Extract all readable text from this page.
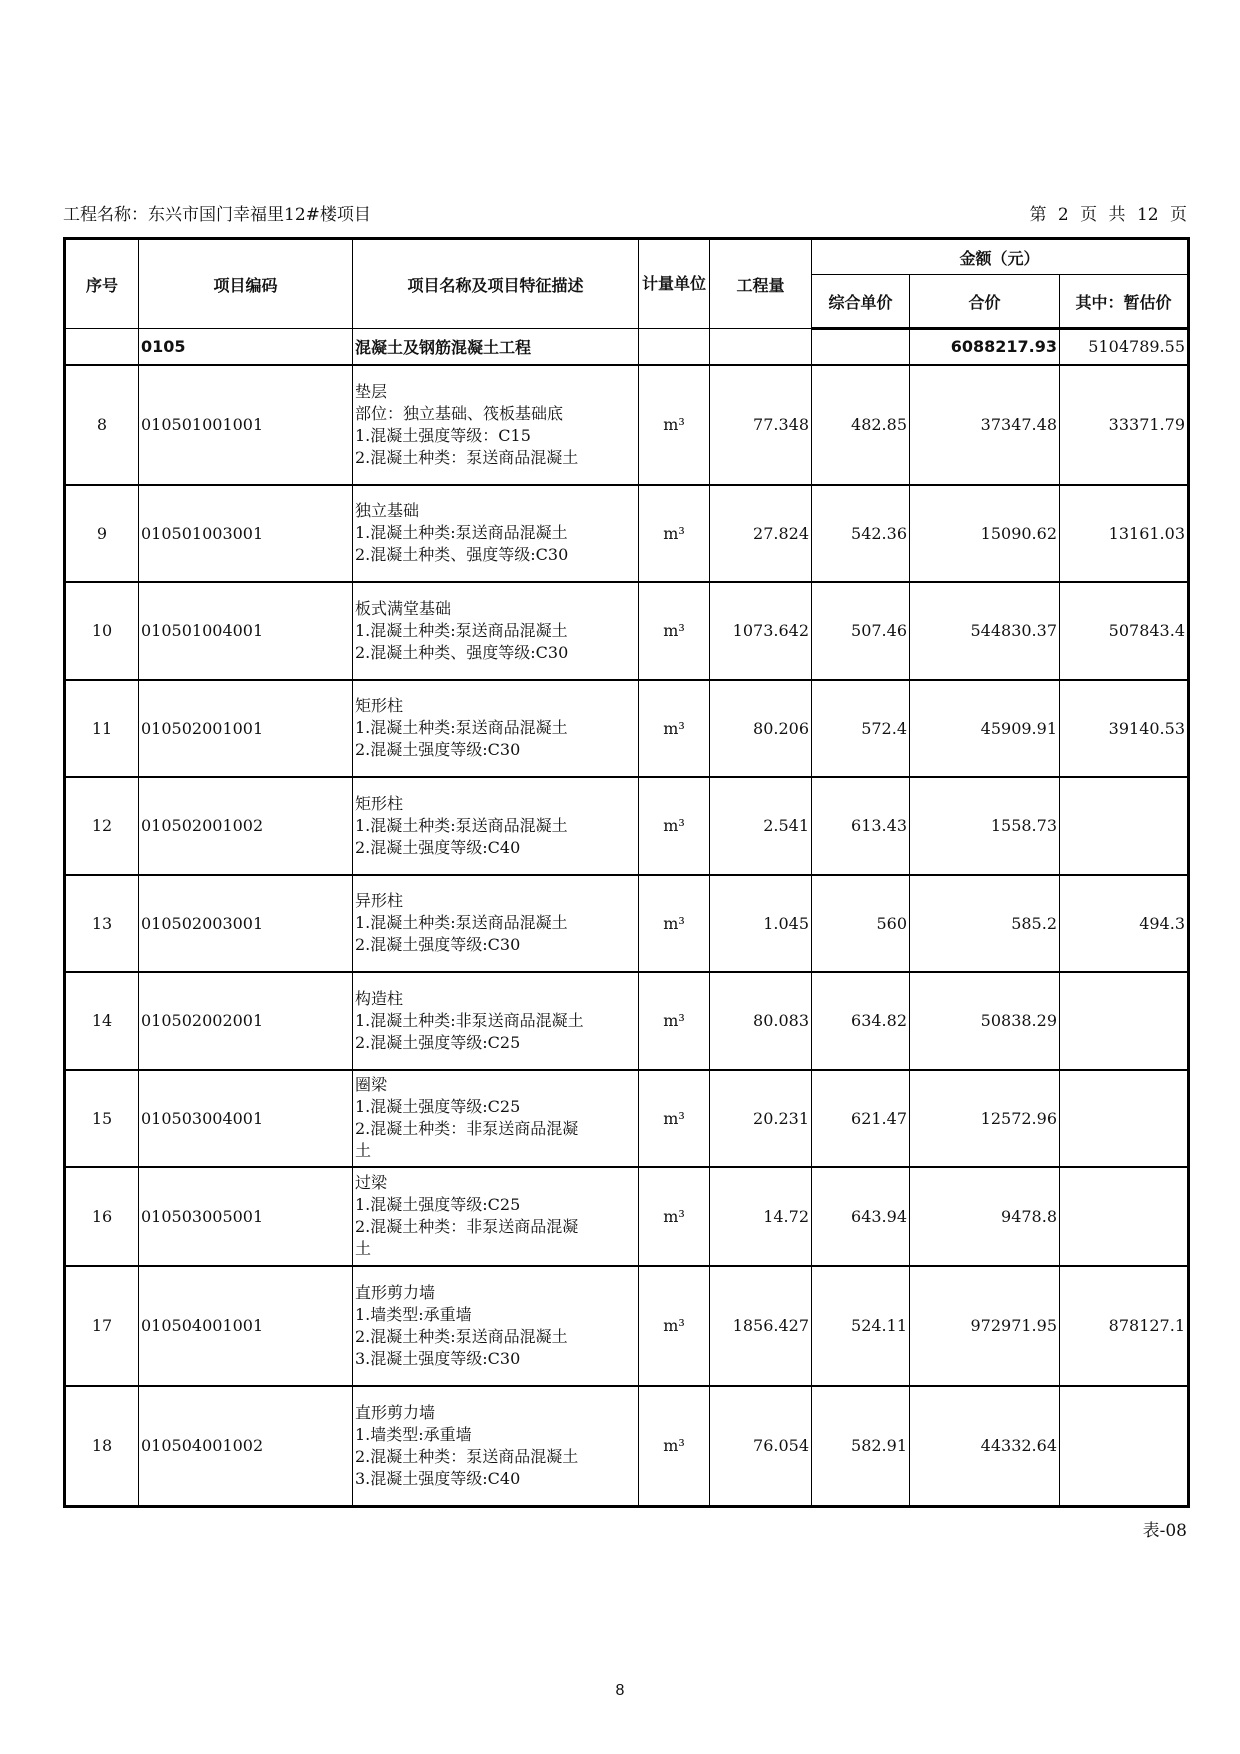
工程名称：东兴市国门幸福里12#楼项目	第 2 页 共 12 页
序号	项目编码	项目名称及项目特征描述	计量单位	工程量	金额（元）		
					综合单价	合价	其中：暂估价
	0105	混凝土及钢筋混凝土工程				6088217.93	5104789.55
8	010501001001	垫层
部位：独立基础、筏板基础底
1.混凝土强度等级：C15
2.混凝土种类：泵送商品混凝土	m³	77.348	482.85	37347.48	33371.79
9	010501003001	独立基础
1.混凝土种类:泵送商品混凝土
2.混凝土种类、强度等级:C30	m³	27.824	542.36	15090.62	13161.03
10	010501004001	板式满堂基础
1.混凝土种类:泵送商品混凝土
2.混凝土种类、强度等级:C30	m³	1073.642	507.46	544830.37	507843.4
11	010502001001	矩形柱
1.混凝土种类:泵送商品混凝土
2.混凝土强度等级:C30	m³	80.206	572.4	45909.91	39140.53
12	010502001002	矩形柱
1.混凝土种类:泵送商品混凝土
2.混凝土强度等级:C40	m³	2.541	613.43	1558.73	
13	010502003001	异形柱
1.混凝土种类:泵送商品混凝土
2.混凝土强度等级:C30	m³	1.045	560	585.2	494.3
14	010502002001	构造柱
1.混凝土种类:非泵送商品混凝土
2.混凝土强度等级:C25	m³	80.083	634.82	50838.29	
15	010503004001	圈梁
1.混凝土强度等级:C25
2.混凝土种类：非泵送商品混凝
土	m³	20.231	621.47	12572.96	
16	010503005001	过梁
1.混凝土强度等级:C25
2.混凝土种类：非泵送商品混凝
土	m³	14.72	643.94	9478.8	
17	010504001001	直形剪力墙
1.墙类型:承重墙
2.混凝土种类:泵送商品混凝土
3.混凝土强度等级:C30	m³	1856.427	524.11	972971.95	878127.1
18	010504001002	直形剪力墙
1.墙类型:承重墙
2.混凝土种类：泵送商品混凝土
3.混凝土强度等级:C40	m³	76.054	582.91	44332.64	
表-08
8
